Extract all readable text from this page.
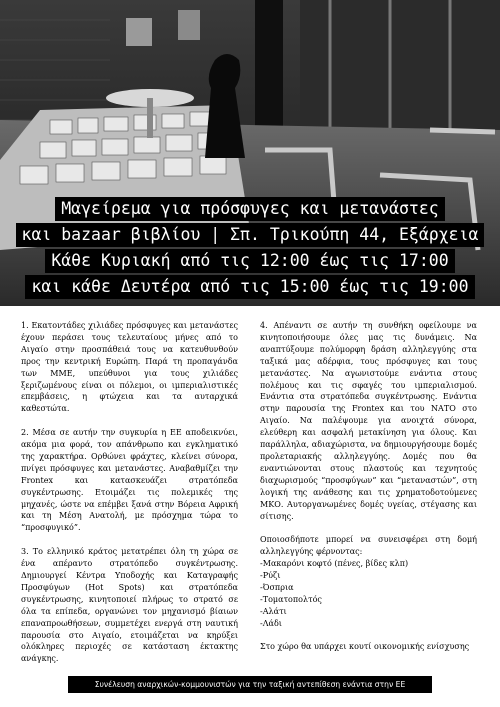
Μαγείρεμα για πρόσφυγες και μετανάστες
και bazaar βιβλίου | Σπ. Τρικούπη 44, Εξάρχεια
Κάθε Κυριακή από τις 12:00 έως τις 17:00
και κάθε Δευτέρα από τις 15:00 έως τις 19:00

1. Εκατοντάδες χιλιάδες πρόσφυγες και μετανάστες έχουν περάσει τους τελευταίους μήνες από το Αιγαίο στην προσπάθειά τους να κατευθυνθούν προς την κεντρική Ευρώπη. Παρά τη προπαγάνδα των ΜΜΕ, υπεύθυνοι για τους χιλιάδες ξεριζωμένους είναι οι πόλεμοι, οι ιμπεριαλιστικές επεμβάσεις, η φτώχεια και τα αυταρχικά καθεστώτα.

2. Μέσα σε αυτήν την συγκυρία η ΕΕ αποδεικνύει, ακόμα μια φορά, τον απάνθρωπο και εγκληματικό της χαρακτήρα. Ορθώνει φράχτες, κλείνει σύνορα, πνίγει πρόσφυγες και μετανάστες. Αναβαθμίζει την Frontex και κατασκευάζει στρατόπεδα συγκέντρωσης. Ετοιμάζει τις πολεμικές της μηχανές, ώστε να επέμβει ξανά στην Βόρεια Αφρική και τη Μέση Ανατολή, με πρόσχημα τώρα το “προσφυγικό”.

3. Το ελληνικό κράτος μετατρέπει όλη τη χώρα σε ένα απέραντο στρατόπεδο συγκέντρωσης. Δημιουργεί Κέντρα Υποδοχής και Καταγραφής Προσφύγων (Hot Spots) και στρατόπεδα συγκέντρωσης, κινητοποιεί πλήρως το στρατό σε όλα τα επίπεδα, οργανώνει τον μηχανισμό βίαιων επαναπροωθήσεων, συμμετέχει ενεργά στη ναυτική παρουσία στο Αιγαίο, ετοιμάζεται να κηρύξει ολόκληρες περιοχές σε κατάσταση έκτακτης ανάγκης.

4. Απέναντι σε αυτήν τη συνθήκη οφείλουμε να κινητοποιήσουμε όλες μας τις δυνάμεις. Να αναπτύξουμε πολύμορφη δράση αλληλεγγύης στα ταξικά μας αδέρφια, τους πρόσφυγες και τους μετανάστες. Να αγωνιστούμε ενάντια στους πολέμους και τις σφαγές του ιμπεριαλισμού. Ενάντια στα στρατόπεδα συγκέντρωσης. Ενάντια στην παρουσία της Frontex και του ΝΑΤΟ στο Αιγαίο. Να παλέψουμε για ανοιχτά σύνορα, ελεύθερη και ασφαλή μετακίνηση για όλους. Και παράλληλα, αδιαχώριστα, να δημιουργήσουμε δομές προλεταριακής αλληλεγγύης. Δομές που θα εναντιώνονται στους πλαστούς και τεχνητούς διαχωρισμούς “προσφύγων” και “μεταναστών”, στη λογική της ανάθεσης και τις χρηματοδοτούμενες ΜΚΟ. Αυτοργανωμένες δομές υγείας, στέγασης και σίτισης.

Οποιοσδήποτε μπορεί να συνεισφέρει στη δομή αλληλεγγύης φέρνοντας:

-Μακαρόνι κοφτό (πένες, βίδες κλπ)

-Ρύζι

-Όσπρια

-Τοματοπολτός

-Αλάτι

-Λάδι

Στο χώρο θα υπάρχει κουτί οικονομικής ενίσχυσης

Συνέλευση αναρχικών-κομμουνιστών για την ταξική αντεπίθεση ενάντια στην ΕΕ
